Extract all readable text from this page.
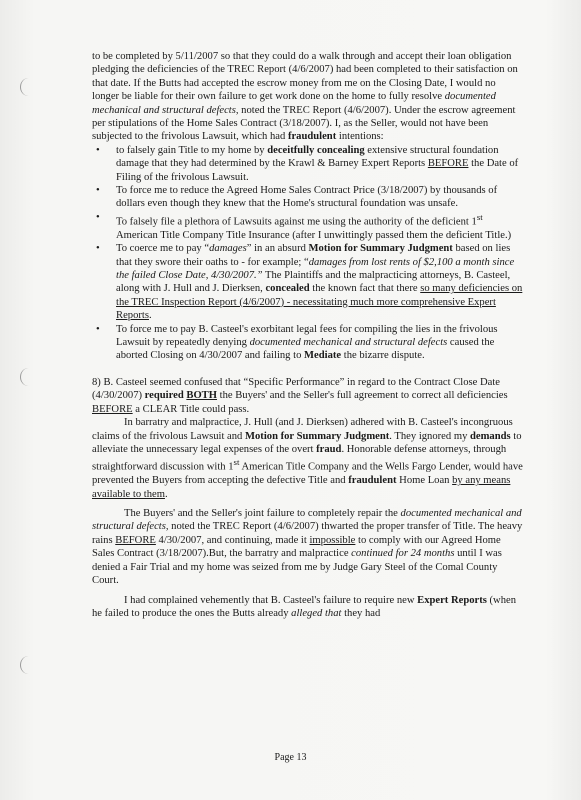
to be completed by 5/11/2007 so that they could do a walk through and accept their loan obligation pledging the deficiencies of the TREC Report (4/6/2007) had been completed to their satisfaction on that date. If the Butts had accepted the escrow money from me on the Closing Date, I would no longer be liable for their own failure to get work done on the home to fully resolve documented mechanical and structural defects, noted the TREC Report (4/6/2007). Under the escrow agreement per stipulations of the Home Sales Contract (3/18/2007). I, as the Seller, would not have been subjected to the frivolous Lawsuit, which had fraudulent intentions:

• to falsely gain Title to my home by deceitfully concealing extensive structural foundation damage that they had determined by the Krawl & Barney Expert Reports BEFORE the Date of Filing of the frivolous Lawsuit.
• To force me to reduce the Agreed Home Sales Contract Price (3/18/2007) by thousands of dollars even though they knew that the Home's structural foundation was unsafe.
• To falsely file a plethora of Lawsuits against me using the authority of the deficient 1st American Title Company Title Insurance (after I unwittingly passed them the deficient Title.)
• To coerce me to pay “damages” in an absurd Motion for Summary Judgment based on lies that they swore their oaths to - for example; “damages from lost rents of $2,100 a month since the failed Close Date, 4/30/2007.” The Plaintiffs and the malpracticing attorneys, B. Casteel, along with J. Hull and J. Dierksen, concealed the known fact that there so many deficiencies on the TREC Inspection Report (4/6/2007) - necessitating much more comprehensive Expert Reports.
• To force me to pay B. Casteel's exorbitant legal fees for compiling the lies in the frivolous Lawsuit by repeatedly denying documented mechanical and structural defects caused the aborted Closing on 4/30/2007 and failing to Mediate the bizarre dispute.

8) B. Casteel seemed confused that “Specific Performance” in regard to the Contract Close Date (4/30/2007) required BOTH the Buyers' and the Seller's full agreement to correct all deficiencies BEFORE a CLEAR Title could pass.

In barratry and malpractice, J. Hull (and J. Dierksen) adhered with B. Casteel's incongruous claims of the frivolous Lawsuit and Motion for Summary Judgment. They ignored my demands to alleviate the unnecessary legal expenses of the overt fraud. Honorable defense attorneys, through straightforward discussion with 1st American Title Company and the Wells Fargo Lender, would have prevented the Buyers from accepting the defective Title and fraudulent Home Loan by any means available to them.

The Buyers' and the Seller's joint failure to completely repair the documented mechanical and structural defects, noted the TREC Report (4/6/2007) thwarted the proper transfer of Title. The heavy rains BEFORE 4/30/2007, and continuing, made it impossible to comply with our Agreed Home Sales Contract (3/18/2007).But, the barratry and malpractice continued for 24 months until I was denied a Fair Trial and my home was seized from me by Judge Gary Steel of the Comal County Court.

I had complained vehemently that B. Casteel's failure to require new Expert Reports (when he failed to produce the ones the Butts already alleged that they had

Page 13
